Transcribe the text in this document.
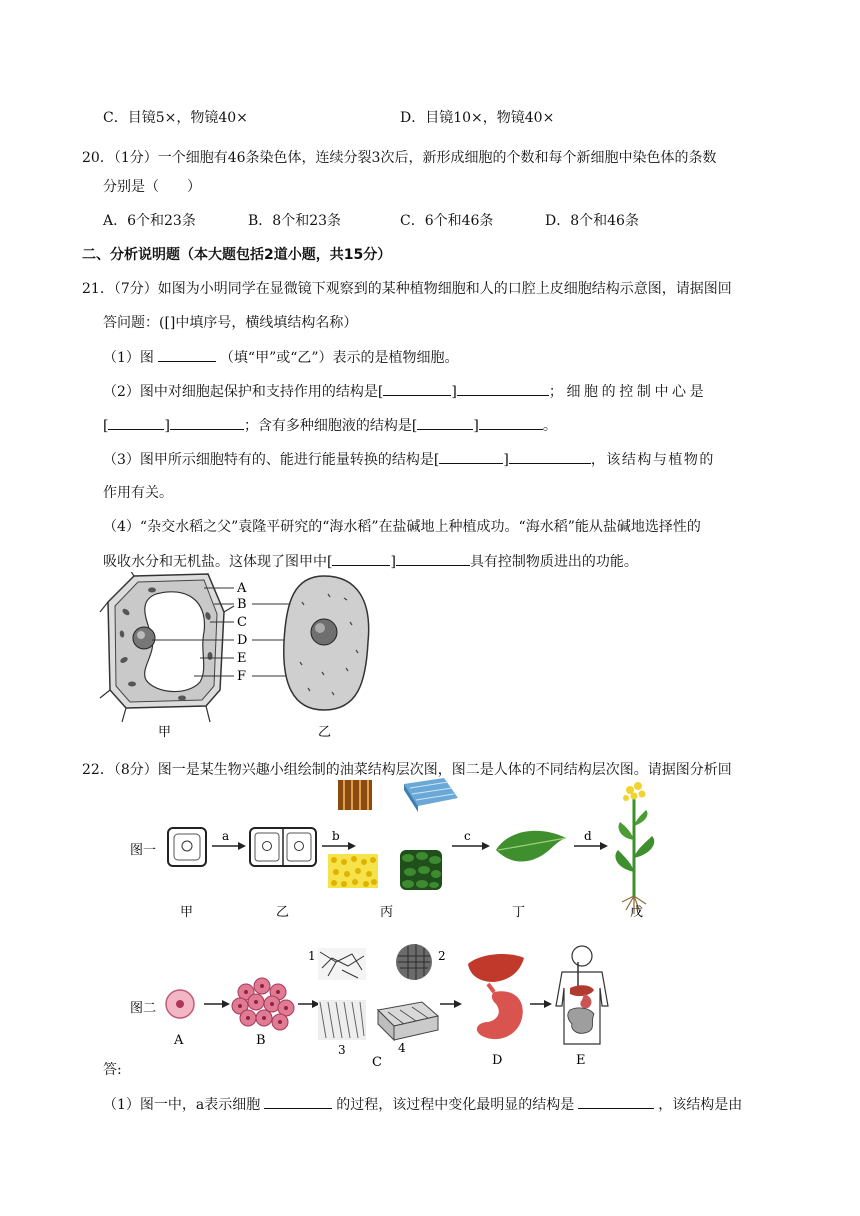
C．目镜5×，物镜40×	D．目镜10×，物镜40×
20．（1分）一个细胞有46条染色体，连续分裂3次后，新形成细胞的个数和每个新细胞中染色体的条数
分别是（　　）
A．6个和23条	B．8个和23条	C．6个和46条	D．8个和46条
二、分析说明题（本大题包括2道小题，共15分）
21．（7分）如图为小明同学在显微镜下观察到的某种植物细胞和人的口腔上皮细胞结构示意图，请据图回
答问题：([]中填序号，横线填结构名称）
（1）图	（填“甲”或“乙”）表示的是植物细胞。
（2）图中对细胞起保护和支持作用的结构是[	]	；细胞的控制中心是
[	]	；含有多种细胞液的结构是[	]	。
（3）图甲所示细胞特有的、能进行能量转换的结构是[	]	，该结构与植物的
作用有关。
（4）“杂交水稻之父”袁隆平研究的“海水稻”在盐碱地上种植成功。“海水稻”能从盐碱地选择性的
吸收水分和无机盐。这体现了图甲中[	]	具有控制物质进出的功能。
A
B
C
D
E
F
甲	乙
22．（8分）图一是某生物兴趣小组绘制的油菜结构层次图，图二是人体的不同结构层次图。请据图分析回
图一
a	b	c	d
甲	乙	丙	丁	戊
图二
1	2
3	4
A	B
C	D	E
答:
（1）图一中，a表示细胞	的过程，该过程中变化最明显的结构是	，该结构是由
